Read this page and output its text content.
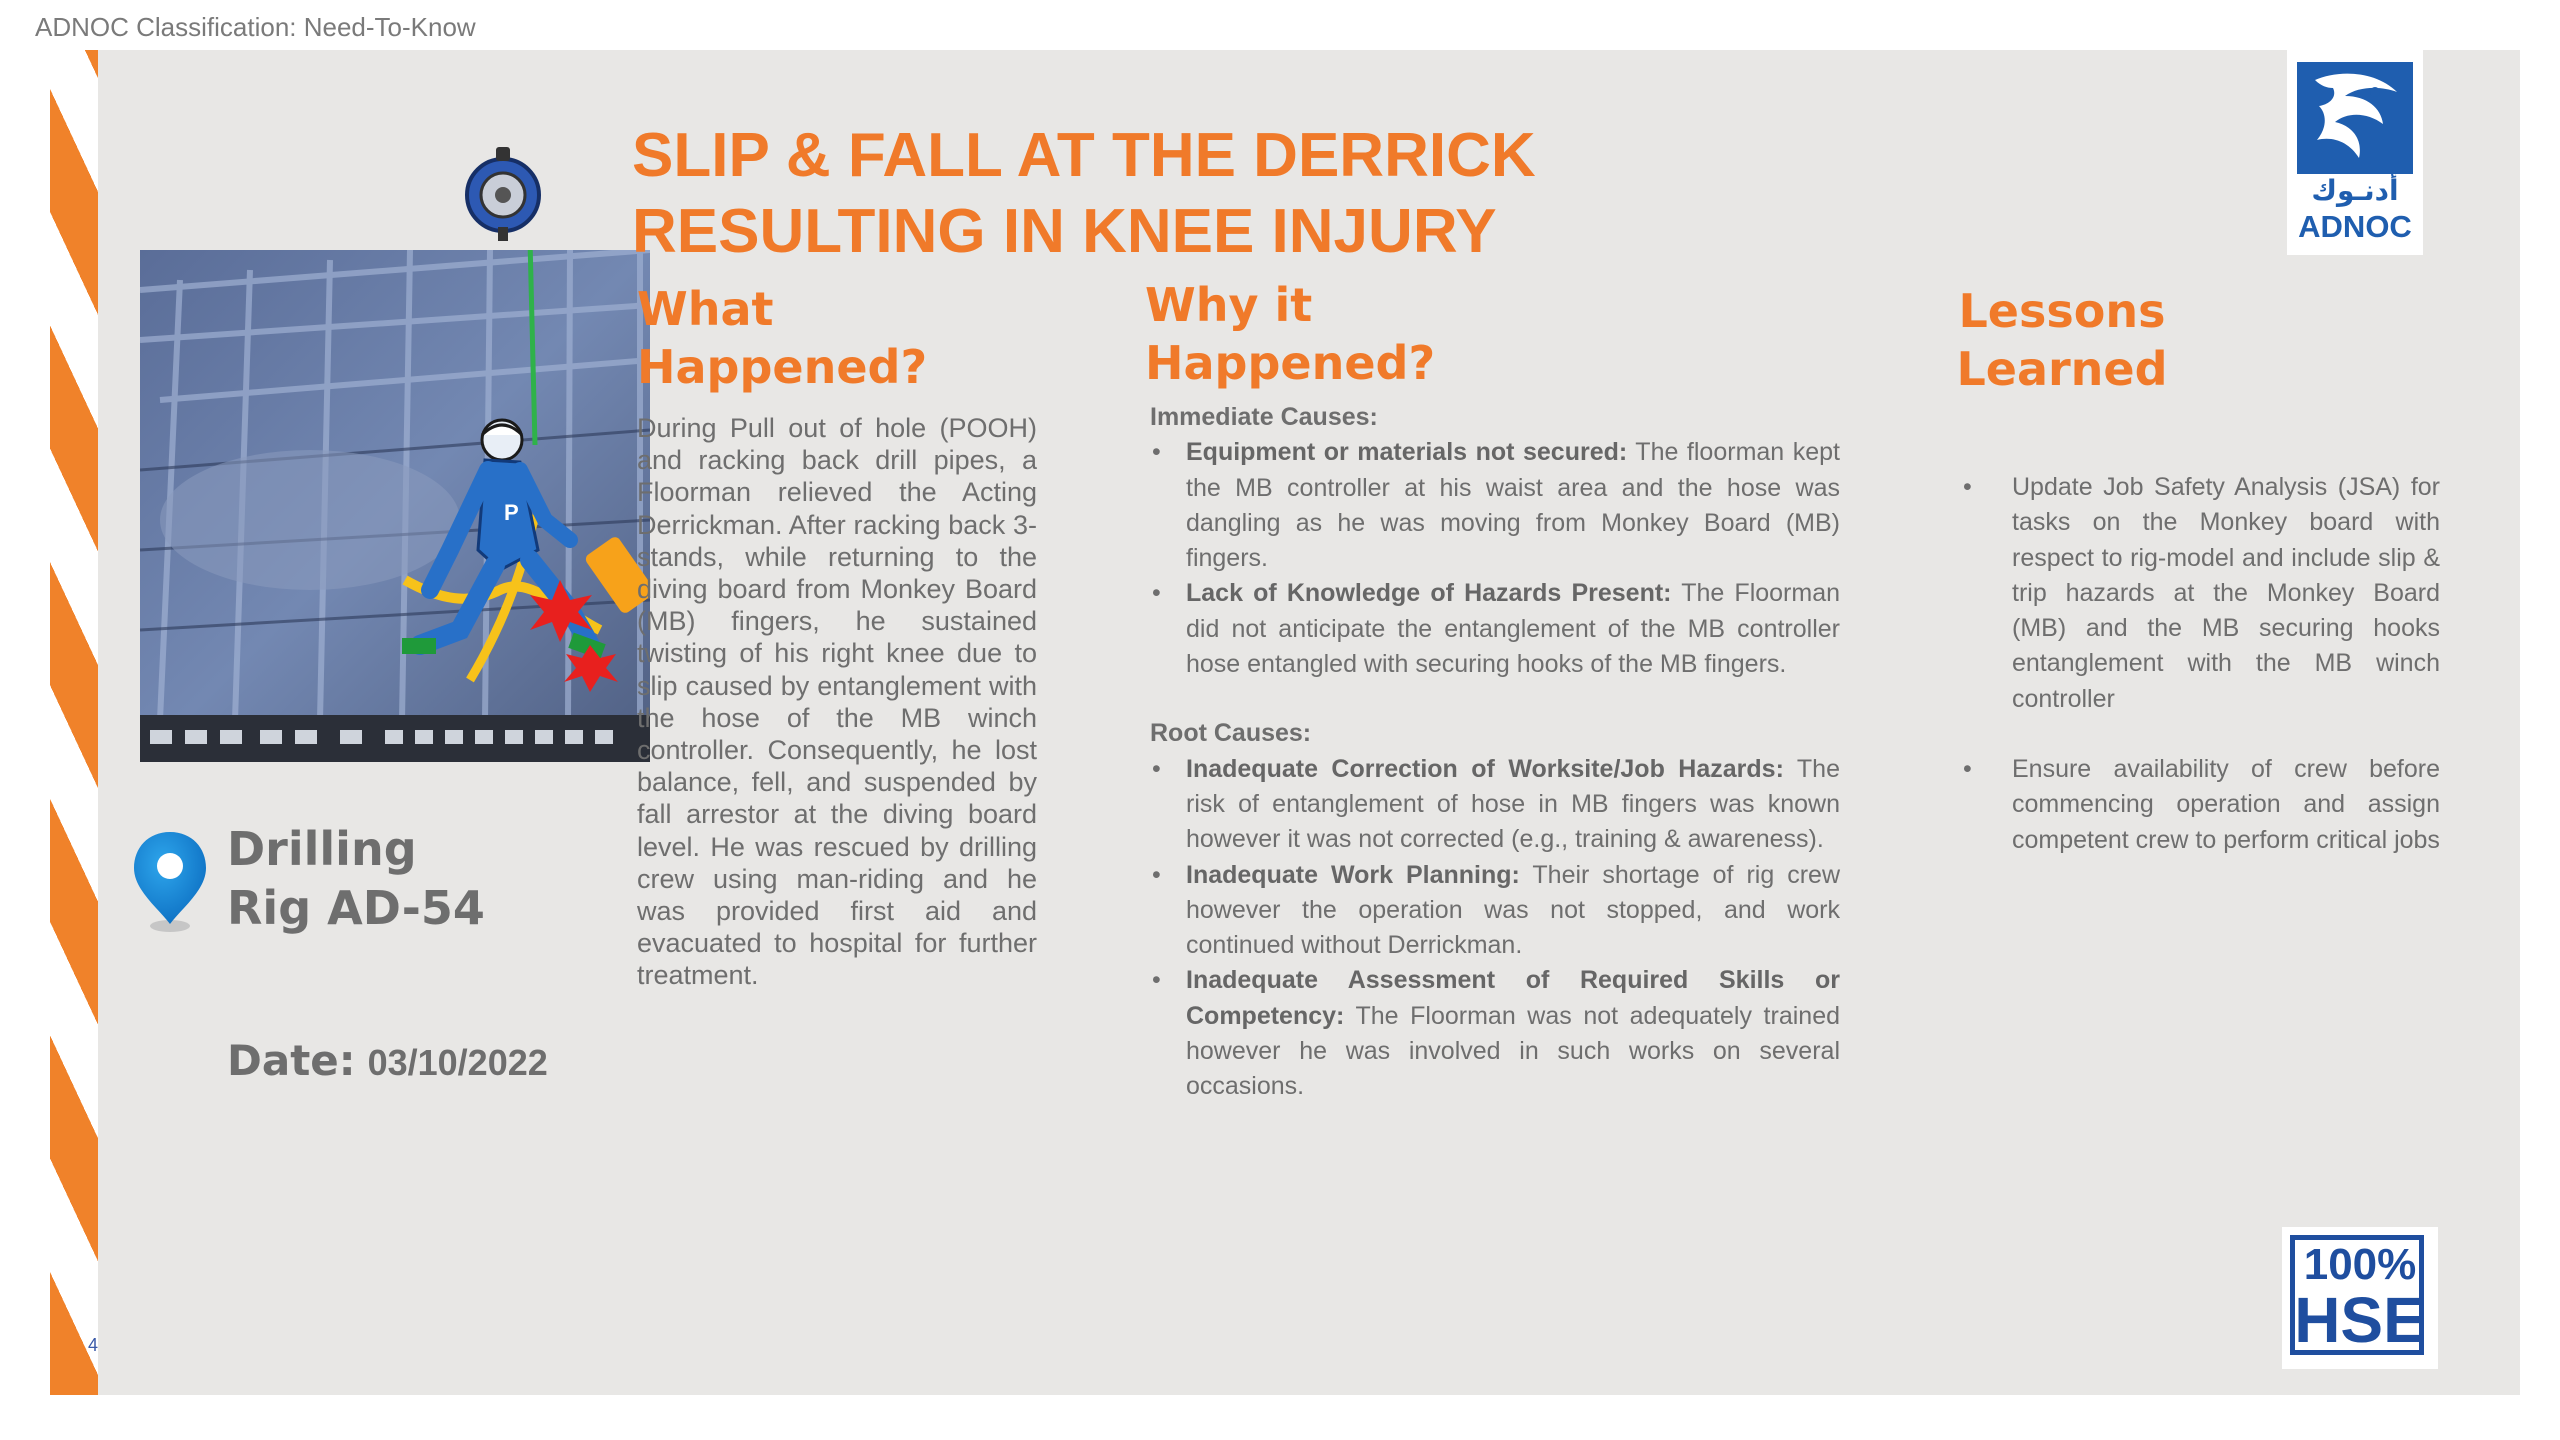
ADNOC Classification: Need-To-Know
4
P
SLIP & FALL AT THE DERRICK RESULTING IN KNEE INJURY
What
Happened?

During Pull out of hole (POOH) and racking back drill pipes, a Floorman relieved the Acting Derrickman. After racking back 3-stands, while returning to the diving board from Monkey Board (MB) fingers, he sustained twisting of his right knee due to slip caused by entanglement with the hose of the MB winch controller. Consequently, he lost balance, fell, and suspended by fall arrestor at the diving board level. He was rescued by drilling crew using man-riding and he was provided first aid and evacuated to hospital for further treatment.

Why it
Happened?
Immediate Causes:
• Equipment or materials not secured: The floorman kept the MB controller at his waist area and the hose was dangling as he was moving from Monkey Board (MB) fingers.
• Lack of Knowledge of Hazards Present: The Floorman did not anticipate the entanglement of the MB controller hose entangled with securing hooks of the MB fingers.
Root Causes:
• Inadequate Correction of Worksite/Job Hazards: The risk of entanglement of hose in MB fingers was known however it was not corrected (e.g., training & awareness).
• Inadequate Work Planning: Their shortage of rig crew however the operation was not stopped, and work continued without Derrickman.
• Inadequate Assessment of Required Skills or Competency: The Floorman was not adequately trained however he was involved in such works on several occasions.
Lessons
Learned
• Update Job Safety Analysis (JSA) for tasks on the Monkey board with respect to rig-model and include slip & trip hazards at the Monkey Board (MB) and the MB securing hooks entanglement with the MB winch controller
• Ensure availability of crew before commencing operation and assign competent crew to perform critical jobs
Drilling
Rig AD-54
Date: 03/10/2022
أدنـوك
ADNOC
100%
HSE
